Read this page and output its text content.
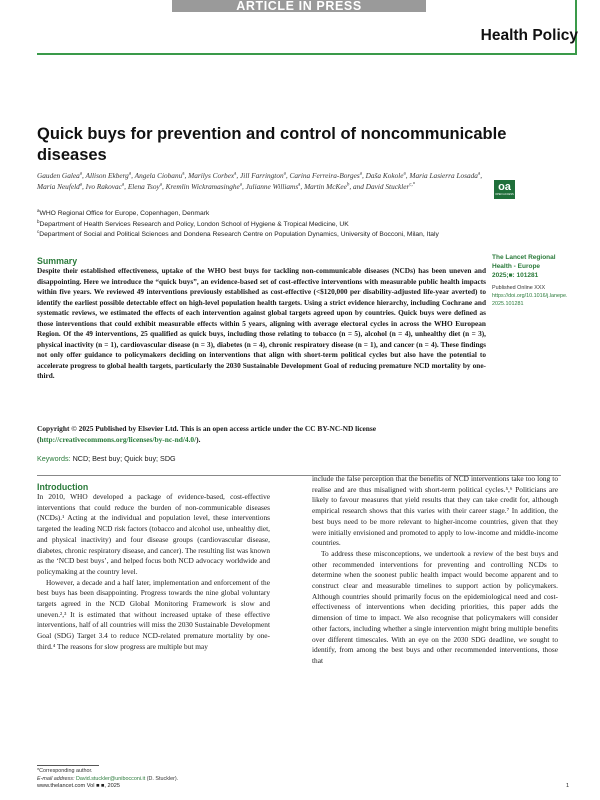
ARTICLE IN PRESS
Health Policy
Quick buys for prevention and control of noncommunicable diseases
Gauden Galea$^a$, Allison Ekberg$^a$, Angela Ciobanu$^a$, Marilys Corbex$^a$, Jill Farrington$^a$, Carina Ferreira-Borges$^a$, Daša Kokole$^a$, Maria Lasierra Losada$^a$, Maria Neufeld$^a$, Ivo Rakovac$^a$, Elena Tsoy$^a$, Kremlin Wickramasinghe$^a$, Julianne Williams$^a$, Martin McKee$^b$, and David Stuckler$^{c,*}$	oa
OPEN ACCESS
$^a$WHO Regional Office for Europe, Copenhagen, Denmark
$^b$Department of Health Services Research and Policy, London School of Hygiene & Tropical Medicine, UK
$^c$Department of Social and Political Sciences and Dondena Research Centre on Population Dynamics, University of Bocconi, Milan, Italy
Summary

Despite their established effectiveness, uptake of the WHO best buys for tackling non-communicable diseases (NCDs) has been uneven and disappointing. Here we introduce the “quick buys”, an evidence-based set of cost-effective interventions with measurable public health impacts within five years. We reviewed 49 interventions previously established as cost-effective (<$120,000 per disability-adjusted life-year averted) to identify the earliest possible detectable effect on high-level population health targets. Using a strict evidence hierarchy, including Cochrane and systematic reviews, we estimated the effects of each intervention against global targets agreed upon by countries. Quick buys were defined as those interventions that could exhibit measurable effects within 5 years, aligning with average electoral cycles in across the WHO European Region. Of the 49 interventions, 25 qualified as quick buys, including those relating to tobacco (n = 5), alcohol (n = 4), unhealthy diet (n = 3), physical inactivity (n = 1), cardiovascular disease (n = 3), diabetes (n = 4), chronic respiratory disease (n = 1), and cancer (n = 4). These findings not only offer guidance to policymakers deciding on interventions that align with short-term political cycles but also have the potential to accelerate progress to global health targets, particularly the 2030 Sustainable Development Goal of reducing premature NCD mortality by one-third.

The Lancet Regional Health - Europe
2025;■: 101281
Published Online XXX
https://doi.org/10.1016/j.lanepe.2025.101281

Copyright © 2025 Published by Elsevier Ltd. This is an open access article under the CC BY-NC-ND license (http://creativecommons.org/licenses/by-nc-nd/4.0/).

Keywords: NCD; Best buy; Quick buy; SDG

Introduction

In 2010, WHO developed a package of evidence-based, cost-effective interventions that could reduce the burden of non-communicable diseases (NCDs).¹ Acting at the individual and population level, these interventions targeted the leading NCD risk factors (tobacco and alcohol use, unhealthy diet, and physical inactivity) and four disease groups (cardiovascular disease, diabetes, chronic respiratory disease, and cancer). The resulting list was known as the ‘NCD best buys’, and helped focus both NCD advocacy worldwide and policymaking at the country level.

However, a decade and a half later, implementation and enforcement of the best buys has been disappointing. Progress towards the nine global voluntary targets agreed in the NCD Global Monitoring Framework is slow and uneven.²,³ It is estimated that without increased uptake of these effective interventions, half of all countries will miss the 2030 Sustainable Development Goal (SDG) Target 3.4 to reduce NCD-related premature mortality by one-third.⁴ The reasons for slow progress are multiple but may

include the false perception that the benefits of NCD interventions take too long to realise and are thus misaligned with short-term political cycles.⁵,⁶ Politicians are likely to favour measures that yield results that they can take credit for, although empirical research shows that this varies with their career stage.⁷ In addition, the best buys need to be more relevant to higher-income countries, given that they were initially envisioned and promoted to apply to low-income and middle-income countries.

To address these misconceptions, we undertook a review of the best buys and other recommended interventions for preventing and controlling NCDs to determine when the soonest public health impact would become apparent and to construct clear and measurable timelines to support action by policymakers. Although countries should primarily focus on the epidemiological need and cost-effectiveness of interventions when deciding priorities, this paper adds the dimension of time to impact. We also recognise that policymakers will consider other factors, including whether a single intervention might bring multiple benefits over different timescales. With an eye on the 2030 SDG deadline, we sought to identify, from among the best buys and other recommended interventions, those that

*Corresponding author.
E-mail address: David.stuckler@unibocconi.it (D. Stuckler).
www.thelancet.com Vol ■ ■, 2025	1
